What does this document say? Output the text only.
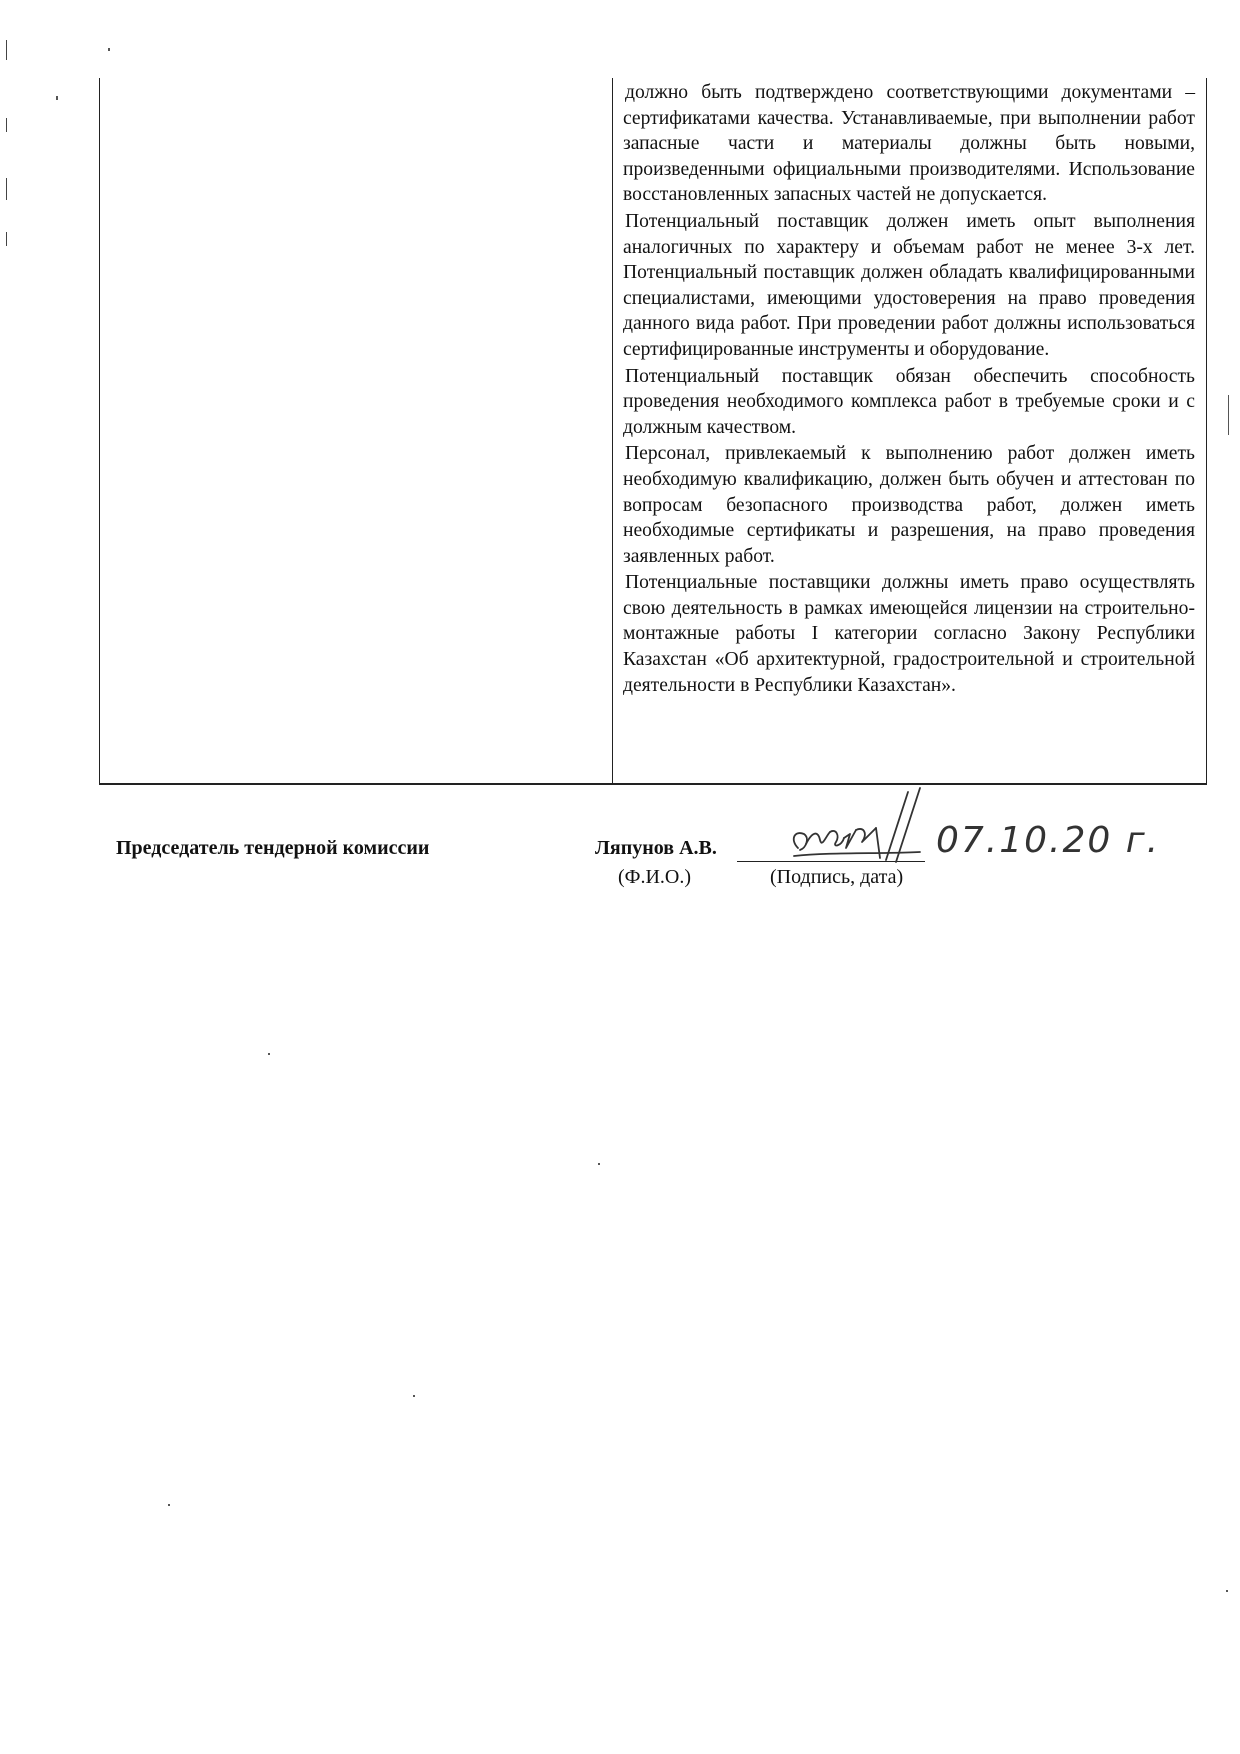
должно быть подтверждено соответствующими документами – сертификатами качества. Устанавливаемые, при выполнении работ запасные части и материалы должны быть новыми, произведенными официальными производителями. Использование восстановленных запасных частей не допускается.

Потенциальный поставщик должен иметь опыт выполнения аналогичных по характеру и объемам работ не менее 3-х лет. Потенциальный поставщик должен обладать квалифицированными специалистами, имеющими удостоверения на право проведения данного вида работ. При проведении работ должны использоваться сертифицированные инструменты и оборудование.

Потенциальный поставщик обязан обеспечить способность проведения необходимого комплекса работ в требуемые сроки и с должным качеством.

Персонал, привлекаемый к выполнению работ должен иметь необходимую квалификацию, должен быть обучен и аттестован по вопросам безопасного производства работ, должен иметь необходимые сертификаты и разрешения, на право проведения заявленных работ.

Потенциальные поставщики должны иметь право осуществлять свою деятельность в рамках имеющейся лицензии на строительно-монтажные работы I категории согласно Закону Республики Казахстан «Об архитектурной, градостроительной и строительной деятельности в Республики Казахстан».

Председатель тендерной комиссии	Ляпунов А.В.
(Ф.И.О.)	(Подпись, дата)
07.10.20 г.
